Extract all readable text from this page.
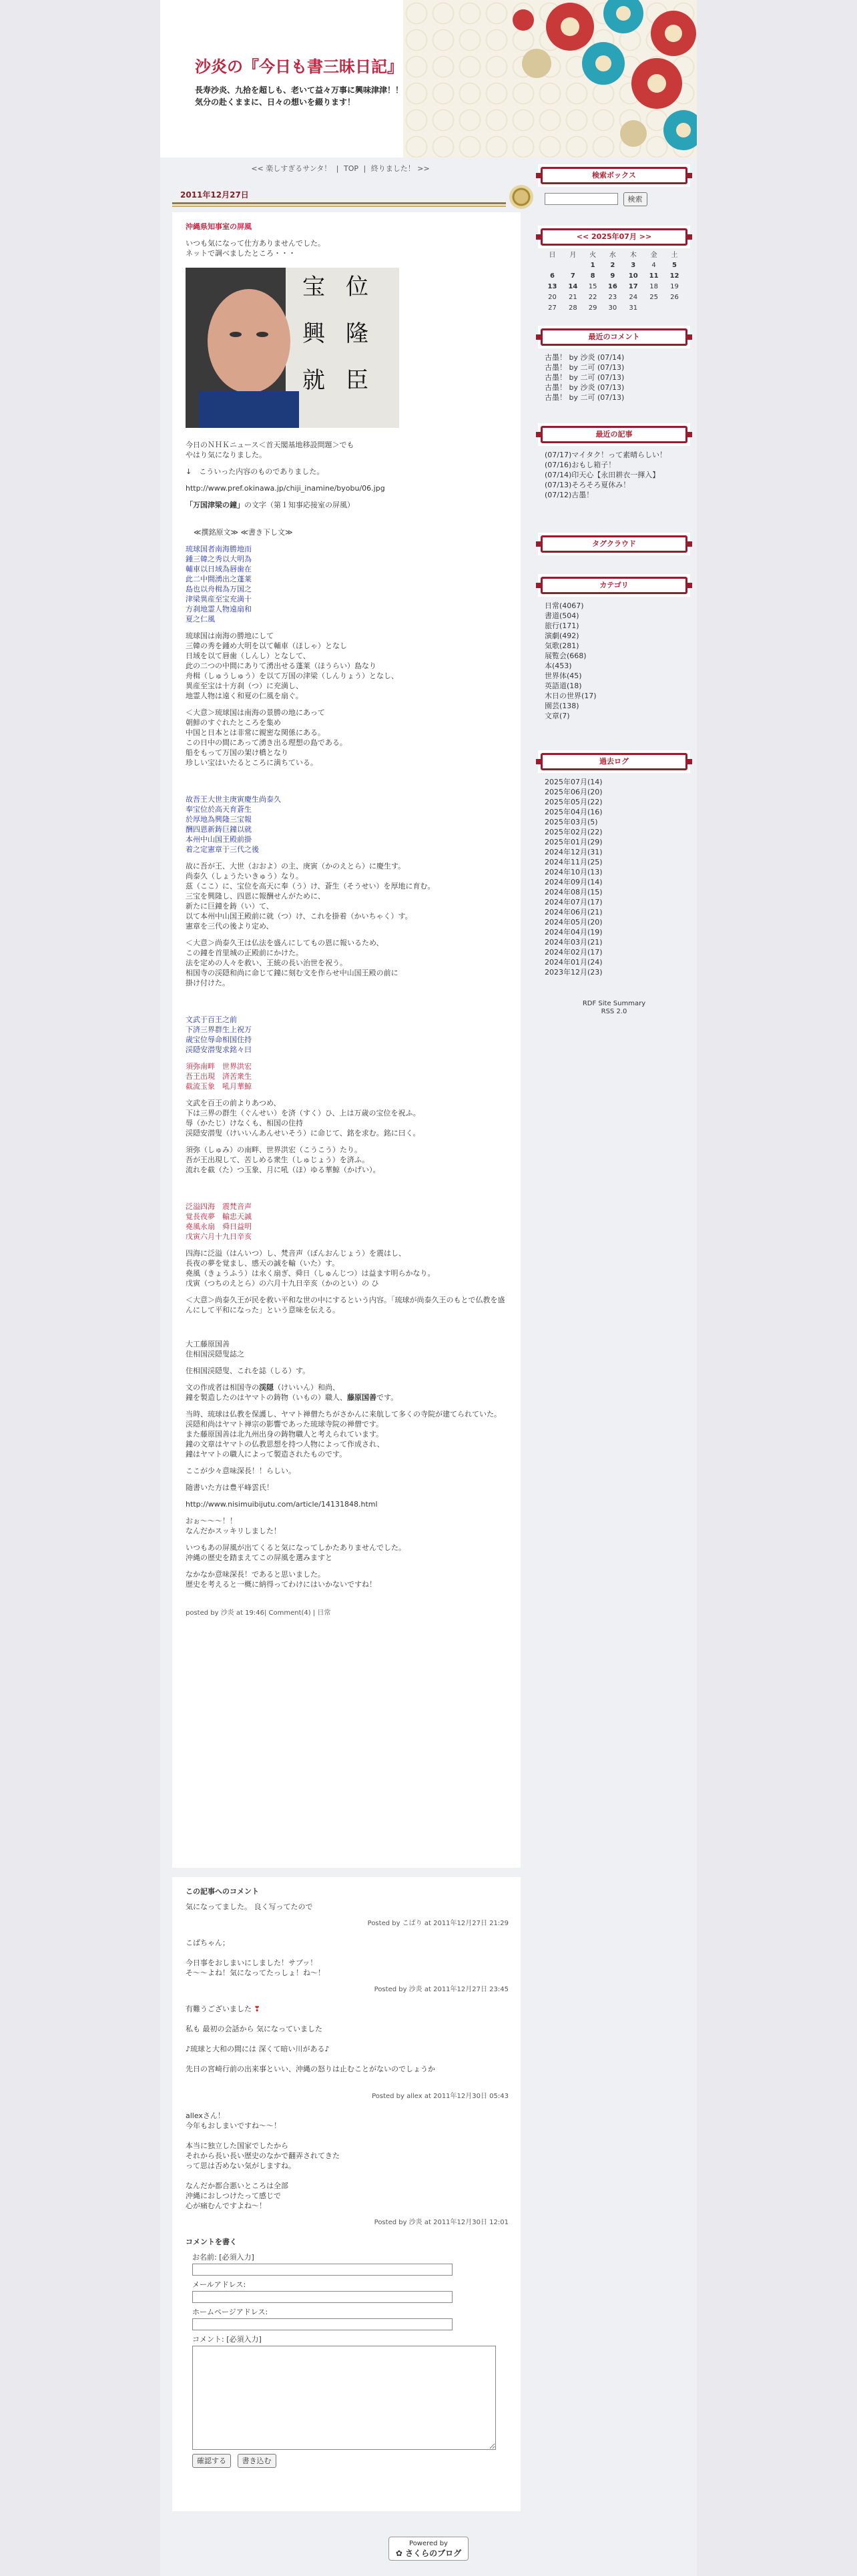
沙炎の『今日も書三昧日記』
長寿沙炎、九拾を超しも、老いて益々万事に興味津津！！
気分の赴くままに、日々の想いを綴ります！
<< 楽しすぎるサンタ！ | TOP | 終りました！ >>
2011年12月27日
沖縄県知事室の屏風

いつも気になって仕方ありませんでした。
ネットで調べましたところ・・・

宝 位
興 隆
就 臣

今日のＮＨＫニュース＜首天閣基地移設問題＞でも
やはり気になりました。

↓　こういった内容のものでありました。

http://www.pref.okinawa.jp/chiji_inamine/byobu/06.jpg

「万国津梁の鐘」の文字（第１知事応接室の屏風）

≪撰銘原文≫ ≪書き下し文≫

琉球国者南海勝地而
鍾三韓之秀以大明為
輔車以日域為唇歯在
此二中間湧出之蓬莱
島也以舟楫為万国之
津梁異産至宝充満十
方刹地霊人物遠扇和
夏之仁風

琉球国は南海の勝地にして
三韓の秀を鍾め大明を以て輔車（ほしゃ）となし
日域を以て唇歯（しんし）となして、
此の二つの中間にありて湧出せる蓬莱（ほうらい）島なり
舟楫（しゅうしゅう）を以て万国の津梁（しんりょう）となし、
異産至宝は十方刹（つ）に充満し、
地霊人物は遠く和夏の仁風を扇ぐ。

＜大意＞琉球国は南海の景勝の地にあって
朝鮮のすぐれたところを集め
中国と日本とは非常に親密な関係にある。
この日中の間にあって湧き出る理想の島である。
船をもって万国の架け橋となり
珍しい宝はいたるところに満ちている。

故吾王大世主庚寅慶生尚泰久
奉宝位於高天育蒼生
於厚地為興隆三宝報
酬四恩新鋳巨鐘以就
本州中山国王殿前掛
着之定憲章于三代之後

故に吾が王、大世（おおよ）の主、庚寅（かのえとら）に慶生す。
尚泰久（しょうたいきゅう）なり。
茲（ここ）に、宝位を高天に奉（う）け、蒼生（そうせい）を厚地に育む。
三宝を興隆し、四恩に報酬せんがために、
新たに巨鐘を鋳（い）て、
以て本州中山国王殿前に就（つ）け、これを掛着（かいちゃく）す。
憲章を三代の後より定め、

＜大意＞尚泰久王は仏法を盛んにしてもの恩に報いるため、
この鐘を首里城の正殿前にかけた。
法を定めの人々を救い、王統の長い治世を祝う。
相国寺の渓隠和尚に命じて鐘に刻む文を作らせ中山国王殿の前に
掛け付けた。

文武于百王之前
下済三界群生上祝万
歳宝位辱命相国住持
渓隠安潜叟求銘々曰

須弥南畔　世界洪宏
吾王出現　済苦衆生
截流玉象　吼月華鯨

文武を百王の前よりあつめ、
下は三界の群生（ぐんせい）を済（すく）ひ、上は万歳の宝位を祝ふ。
辱（かたじ）けなくも、相国の住持
渓隠安潜叟（けいいんあんせいそう）に命じて、銘を求む。銘に曰く。

須弥（しゅみ）の南畔、世界洪宏（こうこう）たり。
吾が王出現して、苦しめる衆生（しゅじょう）を済ふ。
流れを截（た）つ玉象、月に吼（ほ）ゆる華鯨（かげい）。

泛溢四海　震梵音声
覚長夜夢　輸忠天誠
堯風永扇　舜日益明
戊寅六月十九日辛亥

四海に泛溢（はんいつ）し、梵音声（ぼんおんじょう）を震はし、
長夜の夢を覚まし、感天の誠を輸（いた）す。
堯風（きょうふう）は永く扇ぎ、舜日（しゅんじつ）は益ます明らかなり。
戊寅（つちのえとら）の六月十九日辛亥（かのとい）の ひ

＜大意＞尚泰久王が民を救い平和な世の中にするという内容。「琉球が尚泰久王のもとで仏教を盛んにして平和になった」という意味を伝える。

大工藤原国善
住相国渓隠叟誌之

住相国渓隠叟、これを誌（しる）す。

文の作成者は相国寺の渓隠（けいいん）和尚、
鐘を製造したのはヤマトの鋳物（いもの）職人、藤原国善です。

当時、琉球は仏教を保護し、ヤマト禅僧たちがさかんに来航して多くの寺院が建てられていた。
渓隠和尚はヤマト禅宗の影響であった琉球寺院の禅僧です。
また藤原国善は北九州出身の鋳物職人と考えられています。
鐘の文章はヤマトの仏教思想を持つ人物によって作成され、
鐘はヤマトの職人によって製造されたものです。

ここが少々意味深長！！らしい。

随書いた方は豊平峰雲氏！

http://www.nisimuibijutu.com/article/14131848.html

おぉ〜〜〜！！
なんだかスッキリしました！

いつもあの屏風が出てくると気になってしかたありませんでした。
沖縄の歴史を踏まえてこの屏風を選みますと

なかなか意味深長！であると思いました。
歴史を考えると一概に納得ってわけにはいかないですね！

posted by 沙炎 at 19:46| Comment(4) | 日常
この記事へのコメント
気になってました。 良く写ってたので
Posted by こばり at 2011年12月27日 21:29
こばちゃん；

今日事をおしまいにしました！サブッ！
そ〜〜よね！気になってたっしょ！ね〜！
Posted by 沙炎 at 2011年12月27日 23:45
有難うございました ❣

私も 最初の会話から 気になっていました

♪琉球と大和の間には 深くて暗い川がある♪

先日の宮崎行前の出来事といい、沖縄の怒りは止むことがないのでしょうか
Posted by allex at 2011年12月30日 05:43
allexさん！
今年もおしまいですね〜〜！

本当に独立した国家でしたから
それから長い長い歴史のなかで翻弄されてきた
って思は否めない気がしますね。

なんだか都合悪いところは全部
沖縄におしつけたって感じで
心が痛むんですよね〜！
Posted by 沙炎 at 2011年12月30日 12:01
コメントを書く
お名前: [必須入力]
メールアドレス:
ホームページアドレス:
コメント: [必須入力]
確認する 書き込む
検索ボックス
検索
<< 2025年07月 >>
日	月	火	水	木	金	土
		1	2	3	4	5
6	7	8	9	10	11	12
13	14	15	16	17	18	19
20	21	22	23	24	25	26
27	28	29	30	31		
最近のコメント
古墨！ by 沙炎 (07/14)
古墨！ by 二可 (07/13)
古墨！ by 二可 (07/13)
古墨！ by 沙炎 (07/13)
古墨！ by 二可 (07/13)
最近の記事
(07/17)マイタク！って素晴らしい！
(07/16)おもし箱子！
(07/14)印天心【永田耕衣一揮入】
(07/13)そろそろ夏休み！
(07/12)古墨！
タグクラウド
カテゴリ
日常(4067)
書道(504)
旅行(171)
演劇(492)
気歌(281)
展覧会(668)
本(453)
世界体(45)
英語道(18)
木日の世界(17)
園芸(138)
文章(7)
過去ログ
2025年07月(14)
2025年06月(20)
2025年05月(22)
2025年04月(16)
2025年03月(5)
2025年02月(22)
2025年01月(29)
2024年12月(31)
2024年11月(25)
2024年10月(13)
2024年09月(14)
2024年08月(15)
2024年07月(17)
2024年06月(21)
2024年05月(20)
2024年04月(19)
2024年03月(21)
2024年02月(17)
2024年01月(24)
2023年12月(23)
RDF Site Summary
RSS 2.0
Powered by
✿ さくらのブログ
